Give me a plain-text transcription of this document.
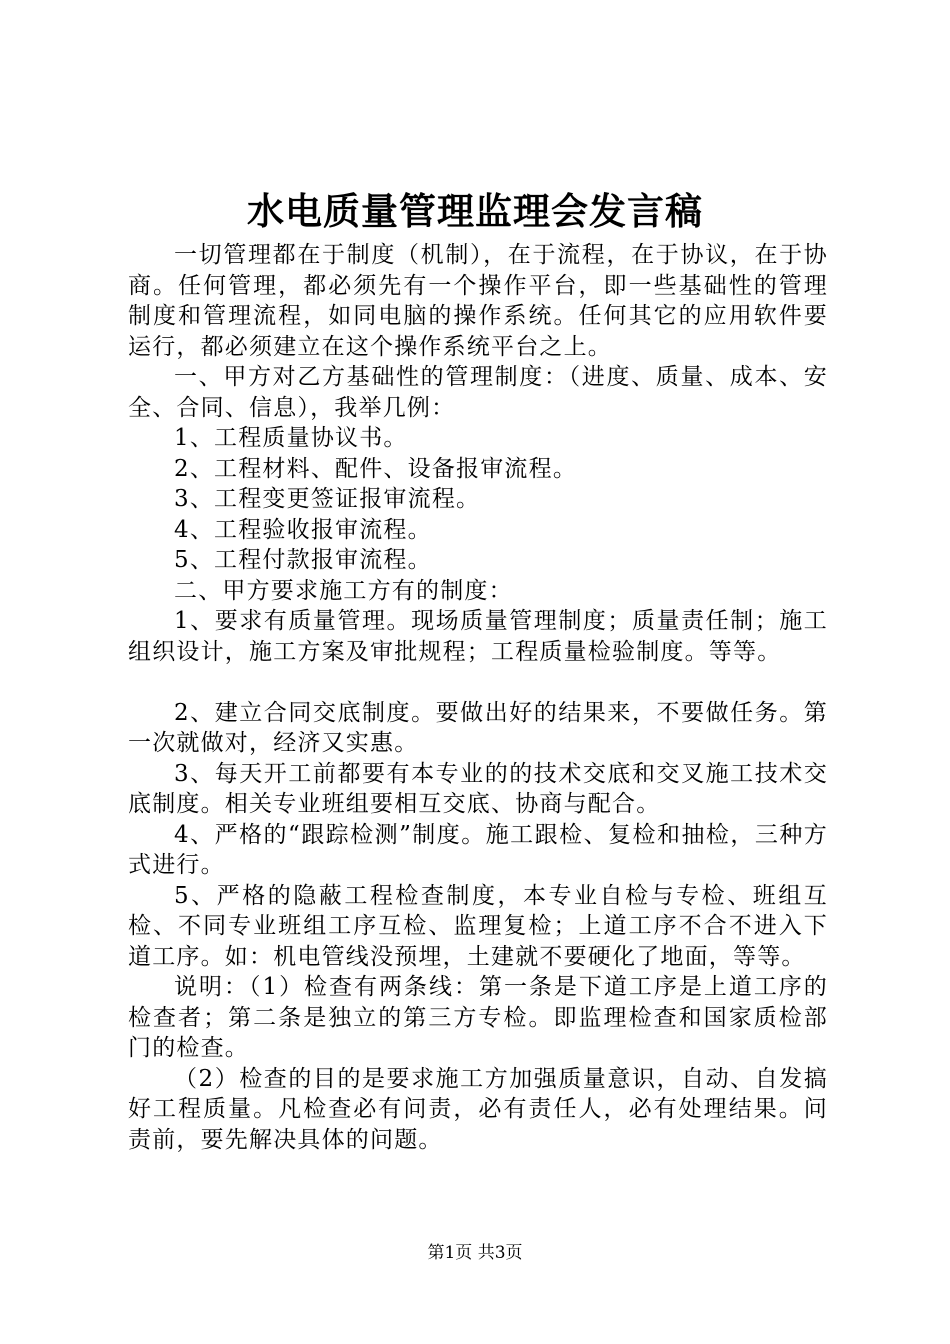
水电质量管理监理会发言稿

一切管理都在于制度（机制），在于流程，在于协议，在于协商。任何管理，都必须先有一个操作平台，即一些基础性的管理制度和管理流程，如同电脑的操作系统。任何其它的应用软件要运行，都必须建立在这个操作系统平台之上。

一、甲方对乙方基础性的管理制度：（进度、质量、成本、安全、合同、信息），我举几例：

1、工程质量协议书。

2、工程材料、配件、设备报审流程。

3、工程变更签证报审流程。

4、工程验收报审流程。

5、工程付款报审流程。

二、甲方要求施工方有的制度：

1、要求有质量管理。现场质量管理制度；质量责任制；施工组织设计，施工方案及审批规程；工程质量检验制度。等等。

2、建立合同交底制度。要做出好的结果来，不要做任务。第一次就做对，经济又实惠。

3、每天开工前都要有本专业的的技术交底和交叉施工技术交底制度。相关专业班组要相互交底、协商与配合。

4、严格的“跟踪检测”制度。施工跟检、复检和抽检，三种方式进行。

5、严格的隐蔽工程检查制度，本专业自检与专检、班组互检、不同专业班组工序互检、监理复检；上道工序不合不进入下道工序。如：机电管线没预埋，土建就不要硬化了地面，等等。

说明：（1）检查有两条线：第一条是下道工序是上道工序的检查者；第二条是独立的第三方专检。即监理检查和国家质检部门的检查。

（2）检查的目的是要求施工方加强质量意识，自动、自发搞好工程质量。凡检查必有问责，必有责任人，必有处理结果。问责前，要先解决具体的问题。

第1页 共3页
